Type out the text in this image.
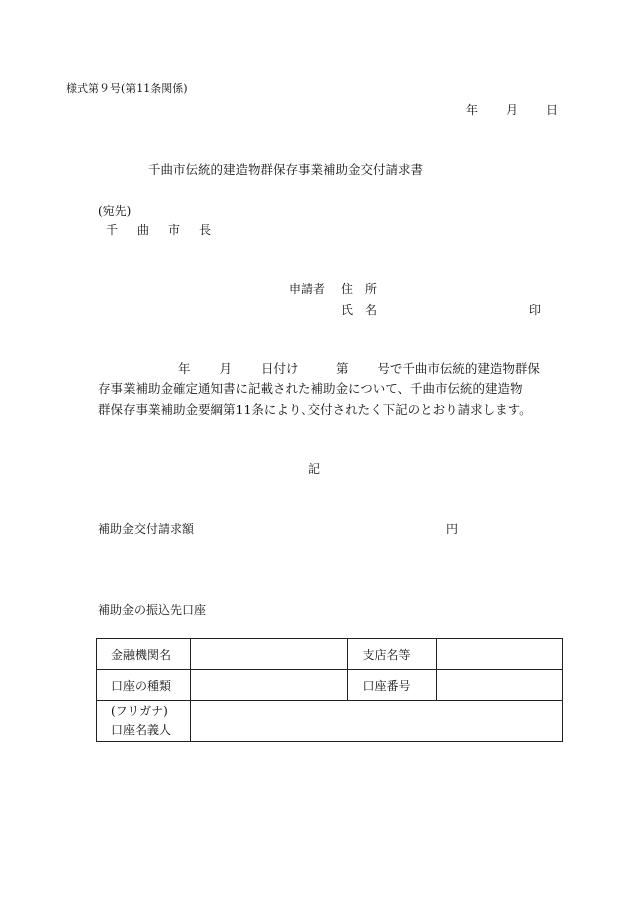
様式第９号(第11条関係)
年 月 日
千曲市伝統的建造物群保存事業補助金交付請求書
(宛先)
千 曲 市 長
申請者 住　所
氏　名	印
年　　 月　　 日付け　　　第　　 号で千曲市伝統的建造物群保
存事業補助金確定通知書に記載された補助金について、千曲市伝統的建造物
群保存事業補助金要綱第11条により､交付されたく下記のとおり請求します。
記
補助金交付請求額	円
補助金の振込先口座
金融機関名		支店名等	
口座の種類		口座番号	

(フリガナ)
口座名義人			
